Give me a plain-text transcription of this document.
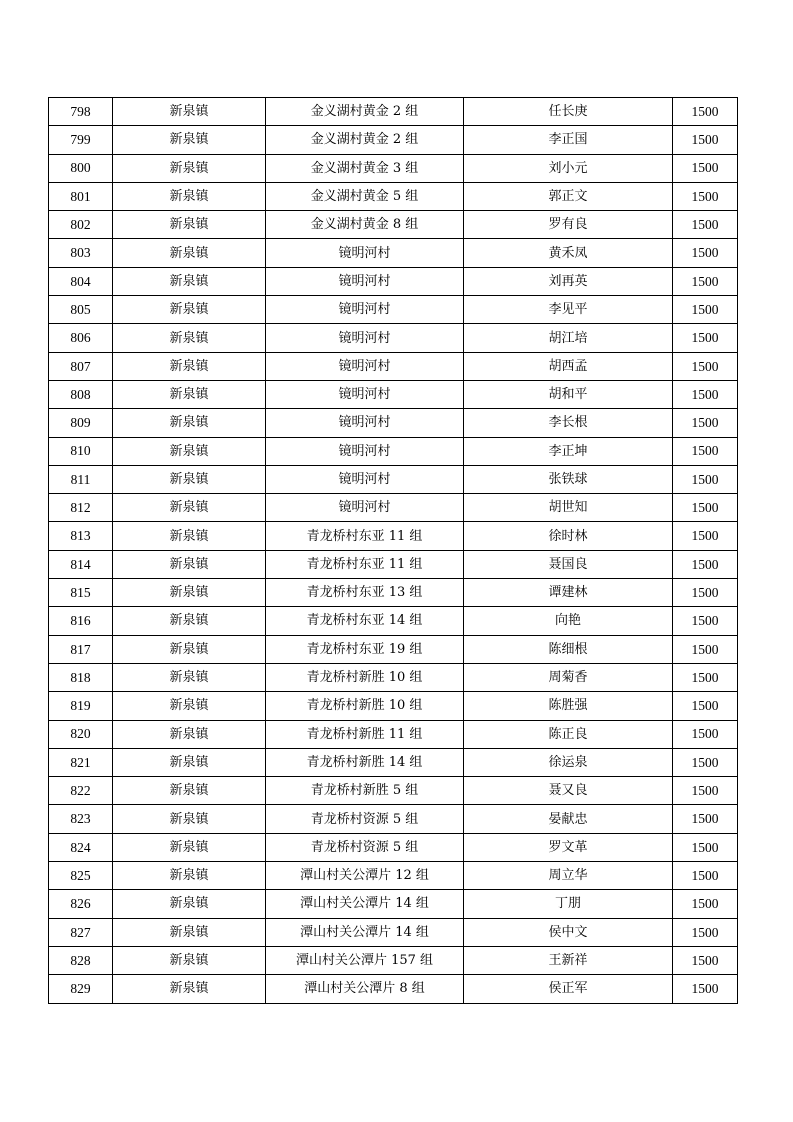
798	新泉镇	金义湖村黄金 2 组	任长庚	1500
799	新泉镇	金义湖村黄金 2 组	李正国	1500
800	新泉镇	金义湖村黄金 3 组	刘小元	1500
801	新泉镇	金义湖村黄金 5 组	郭正文	1500
802	新泉镇	金义湖村黄金 8 组	罗有良	1500
803	新泉镇	镜明河村	黄禾凤	1500
804	新泉镇	镜明河村	刘再英	1500
805	新泉镇	镜明河村	李见平	1500
806	新泉镇	镜明河村	胡江培	1500
807	新泉镇	镜明河村	胡西孟	1500
808	新泉镇	镜明河村	胡和平	1500
809	新泉镇	镜明河村	李长根	1500
810	新泉镇	镜明河村	李正坤	1500
811	新泉镇	镜明河村	张铁球	1500
812	新泉镇	镜明河村	胡世知	1500
813	新泉镇	青龙桥村东亚 11 组	徐时林	1500
814	新泉镇	青龙桥村东亚 11 组	聂国良	1500
815	新泉镇	青龙桥村东亚 13 组	谭建林	1500
816	新泉镇	青龙桥村东亚 14 组	向艳	1500
817	新泉镇	青龙桥村东亚 19 组	陈细根	1500
818	新泉镇	青龙桥村新胜 10 组	周菊香	1500
819	新泉镇	青龙桥村新胜 10 组	陈胜强	1500
820	新泉镇	青龙桥村新胜 11 组	陈正良	1500
821	新泉镇	青龙桥村新胜 14 组	徐运泉	1500
822	新泉镇	青龙桥村新胜 5 组	聂又良	1500
823	新泉镇	青龙桥村资源 5 组	晏献忠	1500
824	新泉镇	青龙桥村资源 5 组	罗文革	1500
825	新泉镇	潭山村关公潭片 12 组	周立华	1500
826	新泉镇	潭山村关公潭片 14 组	丁朋	1500
827	新泉镇	潭山村关公潭片 14 组	侯中文	1500
828	新泉镇	潭山村关公潭片 157 组	王新祥	1500
829	新泉镇	潭山村关公潭片 8 组	侯正军	1500
